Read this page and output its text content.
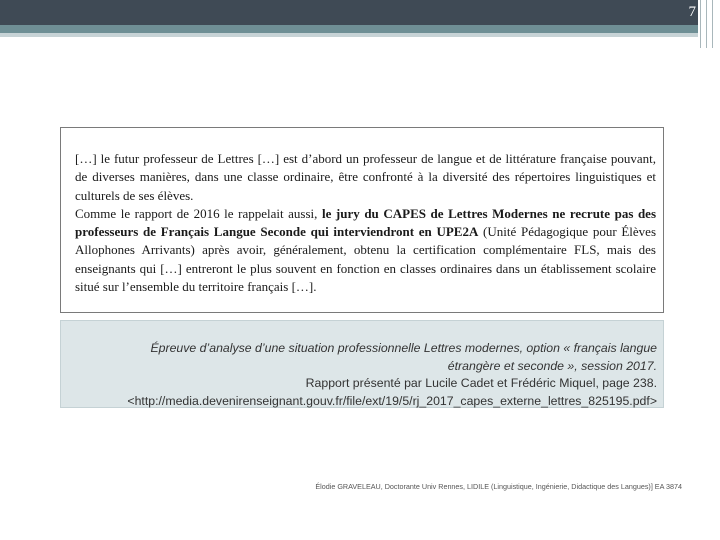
7

[…] le futur professeur de Lettres […] est d’abord un professeur de langue et de littérature française pouvant, de diverses manières, dans une classe ordinaire, être confronté à la diversité des répertoires linguistiques et culturels de ses élèves.

Comme le rapport de 2016 le rappelait aussi, le jury du CAPES de Lettres Modernes ne recrute pas des professeurs de Français Langue Seconde qui interviendront en UPE2A (Unité Pédagogique pour Élèves Allophones Arrivants) après avoir, généralement, obtenu la certification complémentaire FLS, mais des enseignants qui […] entreront le plus souvent en fonction en classes ordinaires dans un établissement scolaire situé sur l’ensemble du territoire français […].

Épreuve d’analyse d’une situation professionnelle Lettres modernes, option « français langue
étrangère et seconde », session 2017.
Rapport présenté par Lucile Cadet et Frédéric Miquel, page 238.
<http://media.devenirenseignant.gouv.fr/file/ext/19/5/rj_2017_capes_externe_lettres_825195.pdf>
Élodie GRAVELEAU, Doctorante Univ Rennes, LIDILE (Linguistique, Ingénierie, Didactique des Langues)] EA 3874
